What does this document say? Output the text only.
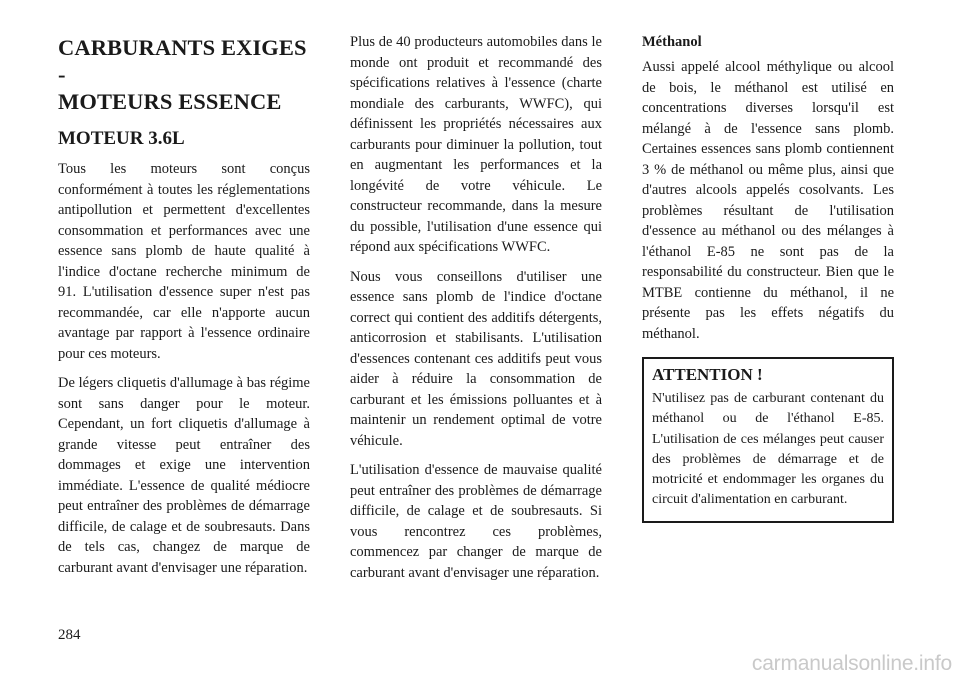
CARBURANTS EXIGES -
MOTEURS ESSENCE
MOTEUR 3.6L

Tous les moteurs sont conçus conformément à toutes les réglementations antipollution et permettent d'excellentes consommation et performances avec une essence sans plomb de haute qualité à l'indice d'octane recherche minimum de 91. L'utilisation d'essence super n'est pas recommandée, car elle n'apporte aucun avantage par rapport à l'essence ordinaire pour ces moteurs.

De légers cliquetis d'allumage à bas régime sont sans danger pour le moteur. Cependant, un fort cliquetis d'allumage à grande vitesse peut entraîner des dommages et exige une intervention immédiate. L'essence de qualité médiocre peut entraîner des problèmes de démarrage difficile, de calage et de soubresauts. Dans de tels cas, changez de marque de carburant avant d'envisager une réparation.

Plus de 40 producteurs automobiles dans le monde ont produit et recommandé des spécifications relatives à l'essence (charte mondiale des carburants, WWFC), qui définissent les propriétés nécessaires aux carburants pour diminuer la pollution, tout en augmentant les performances et la longévité de votre véhicule. Le constructeur recommande, dans la mesure du possible, l'utilisation d'une essence qui répond aux spécifications WWFC.

Nous vous conseillons d'utiliser une essence sans plomb de l'indice d'octane correct qui contient des additifs détergents, anticorrosion et stabilisants. L'utilisation d'essences contenant ces additifs peut vous aider à réduire la consommation de carburant et les émissions polluantes et à maintenir un rendement optimal de votre véhicule.

L'utilisation d'essence de mauvaise qualité peut entraîner des problèmes de démarrage difficile, de calage et de soubresauts. Si vous rencontrez ces problèmes, commencez par changer de marque de carburant avant d'envisager une réparation.

Méthanol

Aussi appelé alcool méthylique ou alcool de bois, le méthanol est utilisé en concentrations diverses lorsqu'il est mélangé à de l'essence sans plomb. Certaines essences sans plomb contiennent 3 % de méthanol ou même plus, ainsi que d'autres alcools appelés cosolvants. Les problèmes résultant de l'utilisation d'essence au méthanol ou des mélanges à l'éthanol E-85 ne sont pas de la responsabilité du constructeur. Bien que le MTBE contienne du méthanol, il ne présente pas les effets négatifs du méthanol.

ATTENTION !

N'utilisez pas de carburant contenant du méthanol ou de l'éthanol E-85. L'utilisation de ces mélanges peut causer des problèmes de démarrage et de motricité et endommager les organes du circuit d'alimentation en carburant.

284
carmanualsonline.info
